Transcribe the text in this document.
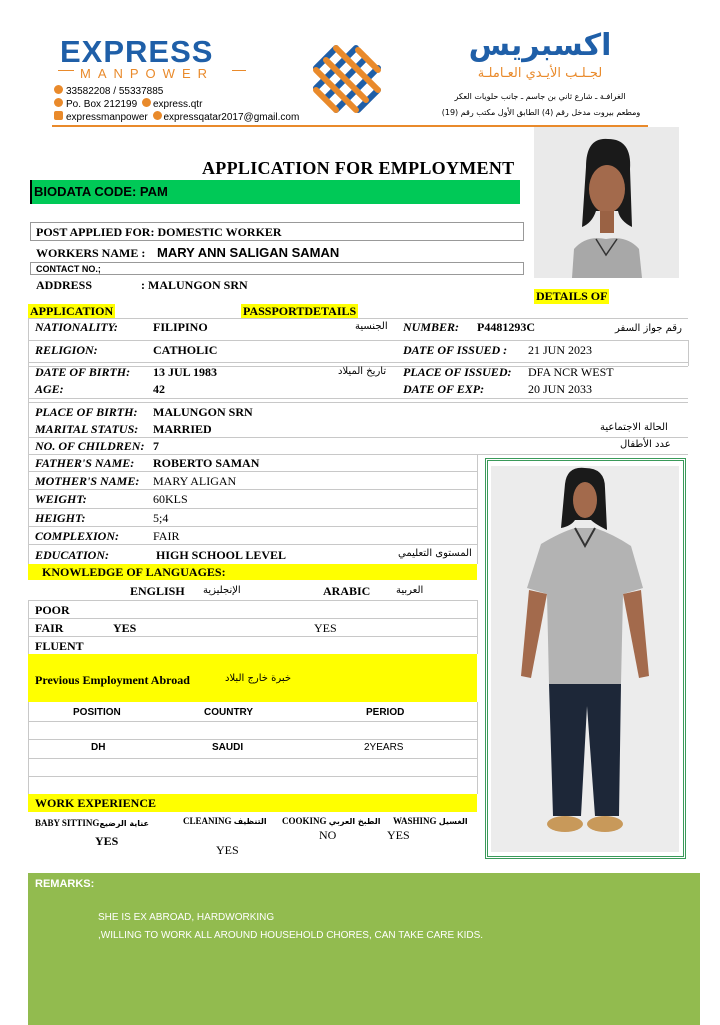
EXPRESS
MANPOWER
33582208 / 55337885
Po. Box 212199 express.qtr
expressmanpower expressqatar2017@gmail.com
اكسبريس
لجـلـب الأيـدي العـاملـة
الغرافـة ـ شارع ثاني بن جاسم ـ جانب حلويات العكر
ومطعم بيروت مدخل رقم (4) الطابق الأول مكتب رقم (19)
APPLICATION FOR EMPLOYMENT
BIODATA CODE: PAM
POST APPLIED FOR: DOMESTIC WORKER
WORKERS NAME : MARY ANN SALIGAN SAMAN
CONTACT NO.;
ADDRESS	: MALUNGON SRN
APPLICATION	PASSPORTDETAILS
DETAILS OF
NATIONALITY:	FILIPINO	الجنسية NUMBER: P4481293C	رقم جواز السفر
RELIGION:	CATHOLIC	DATE OF ISSUED : 21 JUN 2023
DATE OF BIRTH: 13 JUL 1983	تاريخ الميلاد PLACE OF ISSUED: DFA NCR WEST
AGE:	42	DATE OF EXP:	20 JUN 2033
PLACE OF BIRTH: MALUNGON SRN
MARITAL STATUS: MARRIED	الحالة الاجتماعية
NO. OF CHILDREN: 7	عدد الأطفال
FATHER'S NAME: ROBERTO SAMAN
MOTHER'S NAME: MARY ALIGAN
WEIGHT:	60KLS
HEIGHT:	5;4
COMPLEXION:	FAIR
EDUCATION:	HIGH SCHOOL LEVEL	المستوى التعليمي
KNOWLEDGE OF LANGUAGES:
ENGLISH الإنجليزية	ARABIC	العربية
POOR
FAIR	YES	YES
FLUENT
Previous Employment Abroad	خبرة خارج البلاد
POSITION	COUNTRY	PERIOD
DH	SAUDI	2YEARS
WORK EXPERIENCE
BABY SITTINGعناية الرضيع
YES
CLEANING التنظيف
YES
COOKING الطبخ العربي
NO
WASHING الغسيل
YES
REMARKS:
SHE IS EX ABROAD, HARDWORKING
,WILLING TO WORK ALL AROUND HOUSEHOLD CHORES, CAN TAKE CARE KIDS.
